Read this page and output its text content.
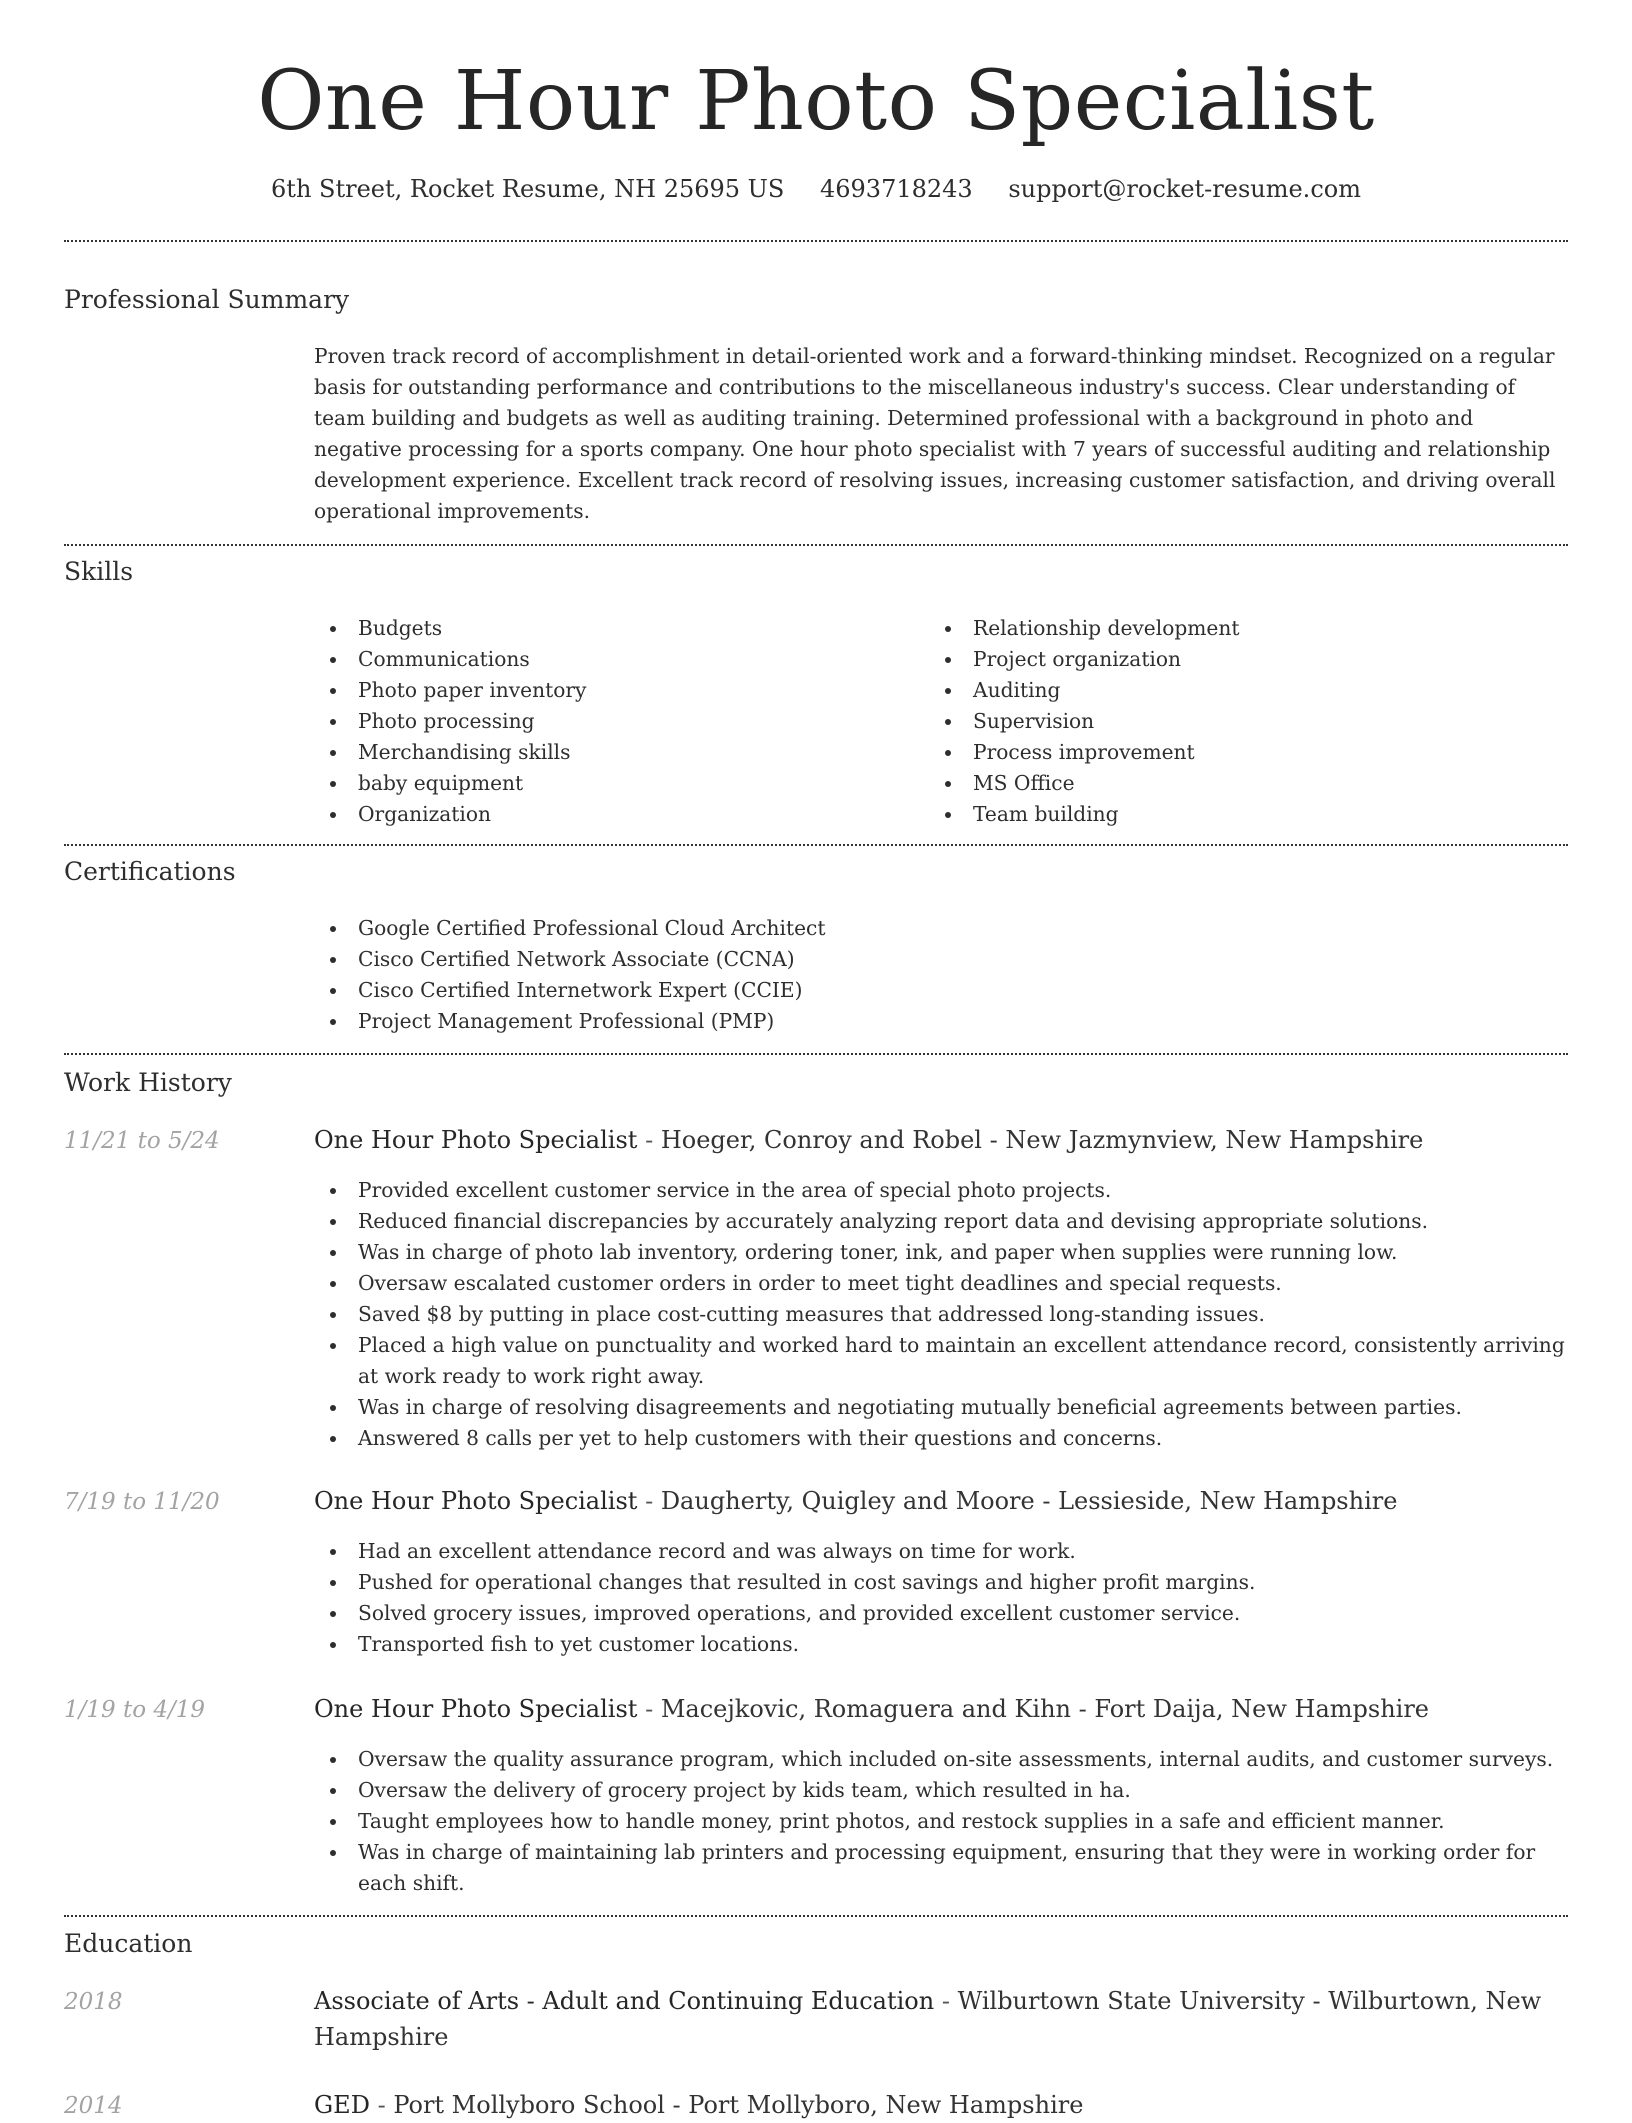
One Hour Photo Specialist
6th Street, Rocket Resume, NH 25695 US 4693718243 support@rocket-resume.com
Professional Summary
Proven track record of accomplishment in detail-oriented work and a forward-thinking mindset. Recognized on a regular basis for outstanding performance and contributions to the miscellaneous industry's success. Clear understanding of team building and budgets as well as auditing training. Determined professional with a background in photo and negative processing for a sports company. One hour photo specialist with 7 years of successful auditing and relationship development experience. Excellent track record of resolving issues, increasing customer satisfaction, and driving overall operational improvements.
Skills
Budgets
Communications
Photo paper inventory
Photo processing
Merchandising skills
baby equipment
Organization
Relationship development
Project organization
Auditing
Supervision
Process improvement
MS Office
Team building
Certifications
Google Certified Professional Cloud Architect
Cisco Certified Network Associate (CCNA)
Cisco Certified Internetwork Expert (CCIE)
Project Management Professional (PMP)
Work History
11/21 to 5/24	One Hour Photo Specialist - Hoeger, Conroy and Robel - New Jazmynview, New Hampshire
Provided excellent customer service in the area of special photo projects.
Reduced financial discrepancies by accurately analyzing report data and devising appropriate solutions.
Was in charge of photo lab inventory, ordering toner, ink, and paper when supplies were running low.
Oversaw escalated customer orders in order to meet tight deadlines and special requests.
Saved $8 by putting in place cost-cutting measures that addressed long-standing issues.
Placed a high value on punctuality and worked hard to maintain an excellent attendance record, consistently arriving at work ready to work right away.
Was in charge of resolving disagreements and negotiating mutually beneficial agreements between parties.
Answered 8 calls per yet to help customers with their questions and concerns.
7/19 to 11/20	One Hour Photo Specialist - Daugherty, Quigley and Moore - Lessieside, New Hampshire
Had an excellent attendance record and was always on time for work.
Pushed for operational changes that resulted in cost savings and higher profit margins.
Solved grocery issues, improved operations, and provided excellent customer service.
Transported fish to yet customer locations.
1/19 to 4/19	One Hour Photo Specialist - Macejkovic, Romaguera and Kihn - Fort Daija, New Hampshire
Oversaw the quality assurance program, which included on-site assessments, internal audits, and customer surveys.
Oversaw the delivery of grocery project by kids team, which resulted in ha.
Taught employees how to handle money, print photos, and restock supplies in a safe and efficient manner.
Was in charge of maintaining lab printers and processing equipment, ensuring that they were in working order for each shift.
Education
2018	Associate of Arts - Adult and Continuing Education - Wilburtown State University - Wilburtown, New Hampshire
2014	GED - Port Mollyboro School - Port Mollyboro, New Hampshire
